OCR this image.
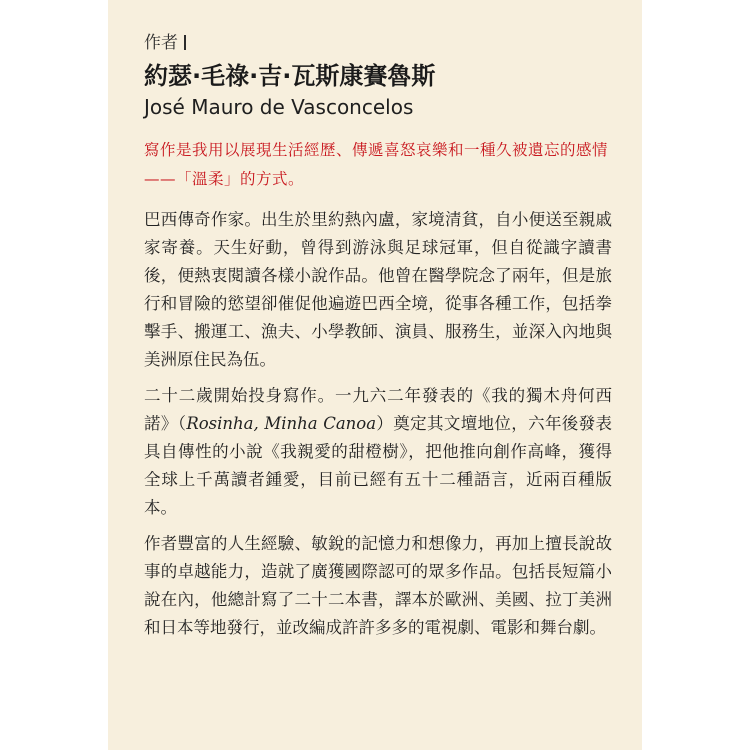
作者
約瑟·毛祿·吉·瓦斯康賽魯斯
José Mauro de Vasconcelos
寫作是我用以展現生活經歷、傳遞喜怒哀樂和一種久被遺忘的感情——「溫柔」的方式。
巴西傳奇作家。出生於里約熱內盧，家境清貧，自小便送至親戚家寄養。天生好動，曾得到游泳與足球冠軍，但自從識字讀書後，便熱衷閱讀各樣小說作品。他曾在醫學院念了兩年，但是旅行和冒險的慾望卻催促他遍遊巴西全境，從事各種工作，包括拳擊手、搬運工、漁夫、小學教師、演員、服務生，並深入內地與美洲原住民為伍。
二十二歲開始投身寫作。一九六二年發表的《我的獨木舟何西諾》（Rosinha, Minha Canoa）奠定其文壇地位，六年後發表具自傳性的小說《我親愛的甜橙樹》，把他推向創作高峰，獲得全球上千萬讀者鍾愛，目前已經有五十二種語言，近兩百種版本。
作者豐富的人生經驗、敏銳的記憶力和想像力，再加上擅長說故事的卓越能力，造就了廣獲國際認可的眾多作品。包括長短篇小說在內，他總計寫了二十二本書，譯本於歐洲、美國、拉丁美洲和日本等地發行，並改編成許許多多的電視劇、電影和舞台劇。
